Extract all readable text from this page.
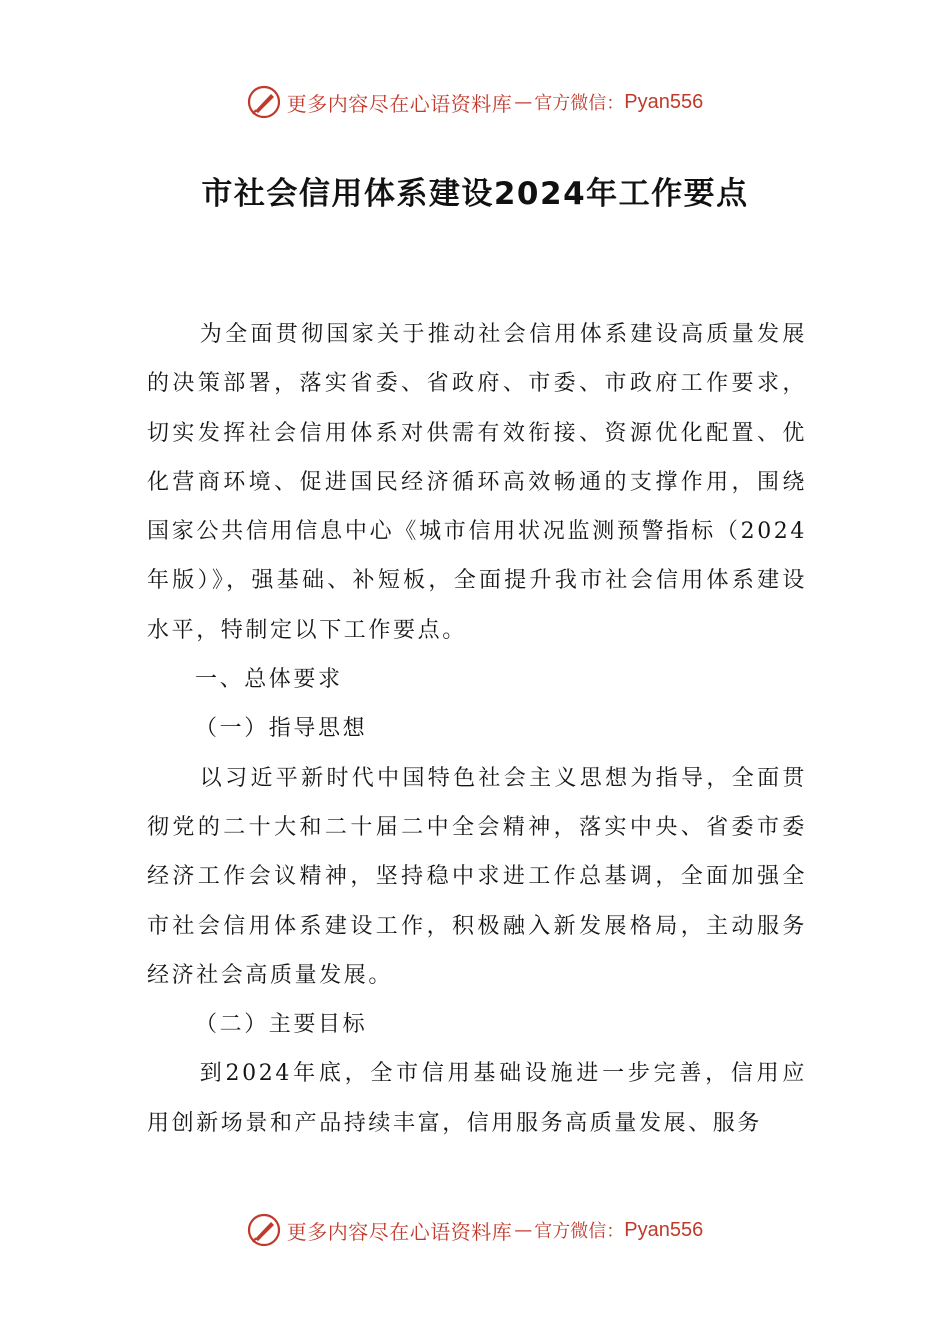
更多内容尽在心语资料库 — 官方微信： Pyan556
市社会信用体系建设2024年工作要点

为全面贯彻国家关于推动社会信用体系建设高质量发展的决策部署，落实省委、省政府、市委、市政府工作要求，切实发挥社会信用体系对供需有效衔接、资源优化配置、优化营商环境、促进国民经济循环高效畅通的支撑作用，围绕国家公共信用信息中心《城市信用状况监测预警指标（2024年版）》，强基础、补短板，全面提升我市社会信用体系建设水平，特制定以下工作要点。

一、总体要求

（一）指导思想

以习近平新时代中国特色社会主义思想为指导，全面贯彻党的二十大和二十届二中全会精神，落实中央、省委市委经济工作会议精神，坚持稳中求进工作总基调，全面加强全市社会信用体系建设工作，积极融入新发展格局，主动服务经济社会高质量发展。

（二）主要目标

到2024年底，全市信用基础设施进一步完善，信用应用创新场景和产品持续丰富，信用服务高质量发展、服务

更多内容尽在心语资料库 — 官方微信： Pyan556
